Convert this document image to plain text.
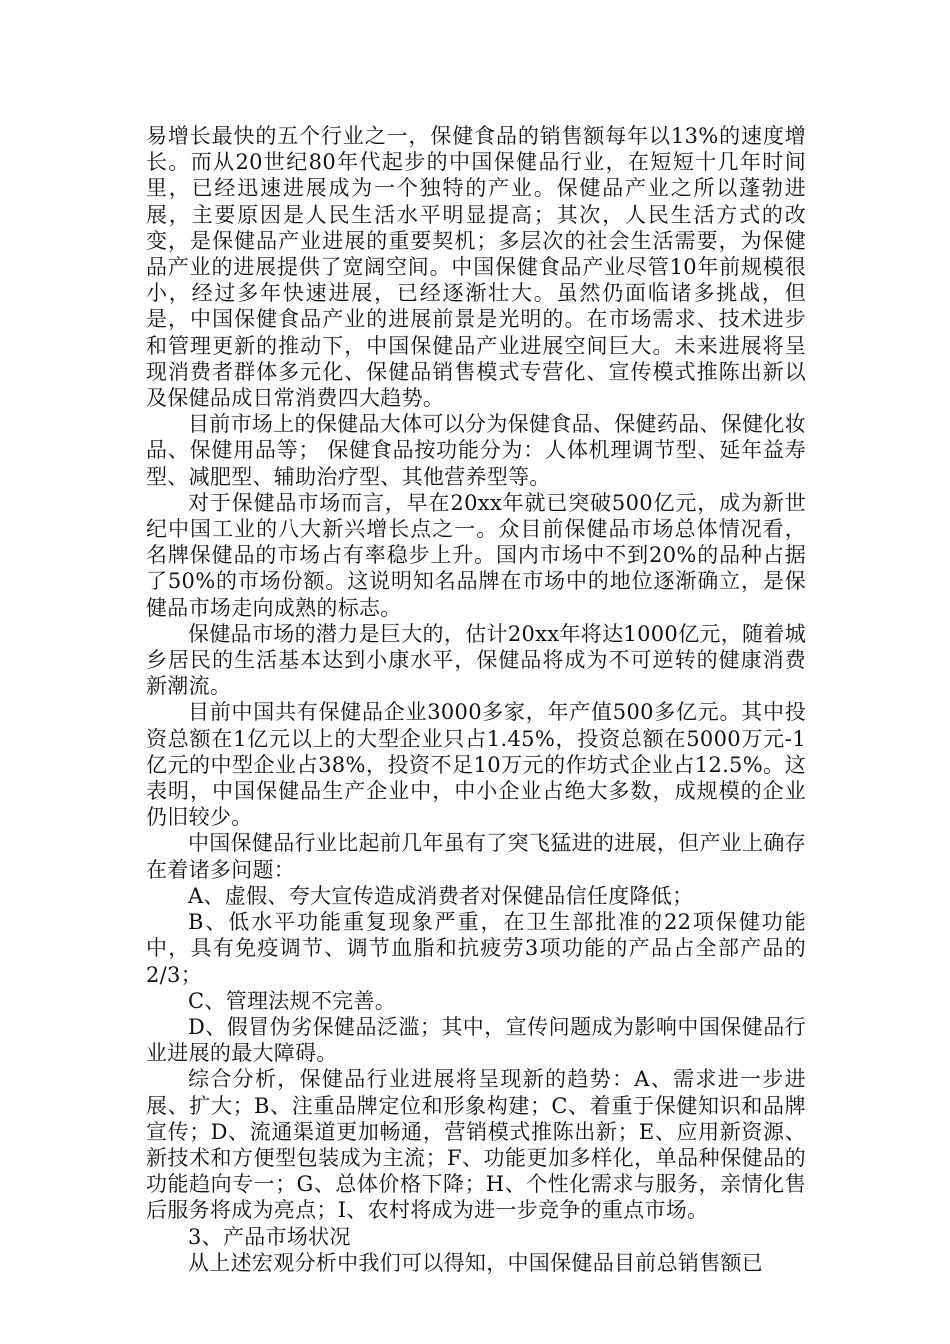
易增长最快的五个行业之一，保健食品的销售额每年以13%的速度增长。而从20世纪80年代起步的中国保健品行业，在短短十几年时间里，已经迅速进展成为一个独特的产业。保健品产业之所以蓬勃进展，主要原因是人民生活水平明显提高；其次，人民生活方式的改变，是保健品产业进展的重要契机；多层次的社会生活需要，为保健品产业的进展提供了宽阔空间。中国保健食品产业尽管10年前规模很小，经过多年快速进展，已经逐渐壮大。虽然仍面临诸多挑战，但是，中国保健食品产业的进展前景是光明的。在市场需求、技术进步和管理更新的推动下，中国保健品产业进展空间巨大。未来进展将呈现消费者群体多元化、保健品销售模式专营化、宣传模式推陈出新以及保健品成日常消费四大趋势。

目前市场上的保健品大体可以分为保健食品、保健药品、保健化妆品、保健用品等； 保健食品按功能分为：人体机理调节型、延年益寿型、减肥型、辅助治疗型、其他营养型等。

对于保健品市场而言，早在20xx年就已突破500亿元，成为新世纪中国工业的八大新兴增长点之一。众目前保健品市场总体情况看，名牌保健品的市场占有率稳步上升。国内市场中不到20%的品种占据了50%的市场份额。这说明知名品牌在市场中的地位逐渐确立，是保健品市场走向成熟的标志。

保健品市场的潜力是巨大的，估计20xx年将达1000亿元，随着城乡居民的生活基本达到小康水平，保健品将成为不可逆转的健康消费新潮流。

目前中国共有保健品企业3000多家，年产值500多亿元。其中投资总额在1亿元以上的大型企业只占1.45%，投资总额在5000万元-1亿元的中型企业占38%，投资不足10万元的作坊式企业占12.5%。这表明，中国保健品生产企业中，中小企业占绝大多数，成规模的企业仍旧较少。

中国保健品行业比起前几年虽有了突飞猛进的进展，但产业上确存在着诸多问题：

A、虚假、夸大宣传造成消费者对保健品信任度降低；

B、低水平功能重复现象严重，在卫生部批准的22项保健功能中，具有免疫调节、调节血脂和抗疲劳3项功能的产品占全部产品的2/3；

C、管理法规不完善。

D、假冒伪劣保健品泛滥；其中，宣传问题成为影响中国保健品行业进展的最大障碍。

综合分析，保健品行业进展将呈现新的趋势：A、需求进一步进展、扩大；B、注重品牌定位和形象构建；C、着重于保健知识和品牌宣传；D、流通渠道更加畅通，营销模式推陈出新；E、应用新资源、新技术和方便型包装成为主流；F、功能更加多样化，单品种保健品的功能趋向专一；G、总体价格下降；H、个性化需求与服务，亲情化售后服务将成为亮点；I、农村将成为进一步竞争的重点市场。

3、产品市场状况

从上述宏观分析中我们可以得知，中国保健品目前总销售额已
